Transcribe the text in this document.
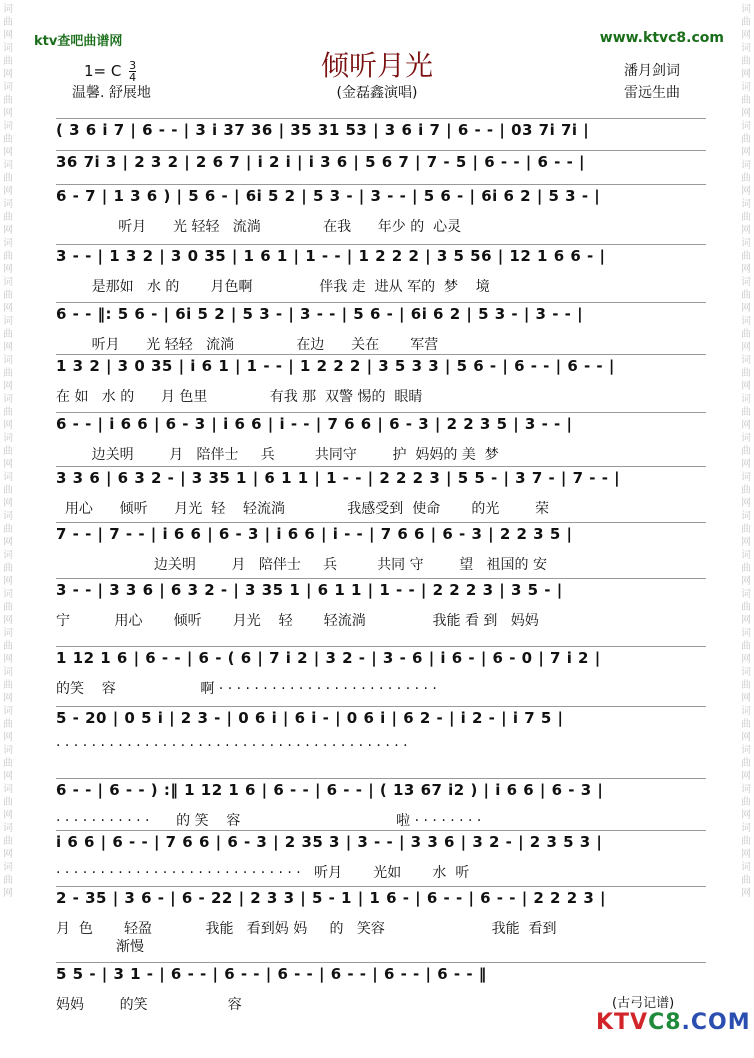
词
曲
网
词
曲
网
词
曲
网
词
曲
网
词
曲
网
词
曲
网
词
曲
网
词
曲
网
词
曲
网
词
曲
网
词
曲
网
词
曲
网
词
曲
网
词
曲
网
词
曲
网
词
曲
网
词
曲
网
词
曲
网
词
曲
网
词
曲
网
词
曲
网
词
曲
网
词
曲
网
词
曲
网
词
曲
网
词
曲
网
词
曲
网
词
曲
网
词
曲
网
词
曲
网
词
曲
网
词
曲
网
词
曲
网
词
曲
网
词
曲
网
词
曲
网
词
曲
网
词
曲
网
词
曲
网
词
曲
网
词
曲
网
词
曲
网
词
曲
网
词
曲
网
词
曲
网
词
曲
网
ktv查吧曲谱网	www.ktvc8.com
倾听月光
(金磊鑫演唱)
1= C $\frac{3}{4}$
温馨. 舒展地
潘月剑词
雷远生曲
( 3 6 i 7 | 6 - - | 3 i 37 36 | 35 31 53 | 3 6 i 7 | 6 - - | 03 7i 7i |
36 7i 3 | 2 3 2 | 2 6 7 | i 2 i | i 3 6 | 5 6 7 | 7 - 5 | 6 - - | 6 - - |
6 - 7 | 1 3 6 ) | 5 6 - | 6i 5 2 | 5 3 - | 3 - - | 5 6 - | 6i 6 2 | 5 3 - |
听月      光 轻轻   流淌              在我      年少 的  心灵
3 - - | 1 3 2 | 3 0 35 | 1 6 1 | 1 - - | 1 2 2 2 | 3 5 56 | 12 1 6 6 - |
是那如   水 的       月色啊               伴我 走  进从 军的  梦    境
6 - - ‖: 5 6 - | 6i 5 2 | 5 3 - | 3 - - | 5 6 - | 6i 6 2 | 5 3 - | 3 - - |
听月      光 轻轻   流淌              在边      关在       军营
1 3 2 | 3 0 35 | i 6 1 | 1 - - | 1 2 2 2 | 3 5 3 3 | 5 6 - | 6 - - | 6 - - |
在 如   水 的      月 色里              有我 那  双警 惕的  眼睛
6 - - | i 6 6 | 6 - 3 | i 6 6 | i - - | 7 6 6 | 6 - 3 | 2 2 3 5 | 3 - - |
边关明        月   陪伴士     兵         共同守        护  妈妈的 美  梦
3 3 6 | 6 3 2 - | 3 35 1 | 6 1 1 | 1 - - | 2 2 2 3 | 5 5 - | 3 7 - | 7 - - |
用心      倾听      月光  轻    轻流淌              我感受到  使命       的光        荣
7 - - | 7 - - | i 6 6 | 6 - 3 | i 6 6 | i - - | 7 6 6 | 6 - 3 | 2 2 3 5 |
边关明        月   陪伴士     兵         共同 守        望   祖国的 安
3 - - | 3 3 6 | 6 3 2 - | 3 35 1 | 6 1 1 | 1 - - | 2 2 2 3 | 3 5 - |
宁          用心       倾听       月光    轻       轻流淌               我能 看 到   妈妈
1 12 1 6 | 6 - - | 6 - ( 6 | 7 i 2 | 3 2 - | 3 - 6 | i 6 - | 6 - 0 | 7 i 2 |
的笑    容                   啊 · · · · · · · · · · · · · · · · · · · · · · · · ·
5 - 20 | 0 5 i | 2 3 - | 0 6 i | 6 i - | 0 6 i | 6 2 - | i 2 - | i 7 5 |
· · · · · · · · · · · · · · · · · · · · · · · · · · · · · · · · · · · · · · · ·
6 - - | 6 - - ) :‖ 1 12 1 6 | 6 - - | 6 - - | ( 13 67 i2 ) | i 6 6 | 6 - 3 |
· · · · · · · · · · ·      的 笑    容                                   啦 · · · · · · · ·
i 6 6 | 6 - - | 7 6 6 | 6 - 3 | 2 35 3 | 3 - - | 3 3 6 | 3 2 - | 2 3 5 3 |
· · · · · · · · · · · · · · · · · · · · · · · · · · · ·   听月       光如       水  听
2 - 35 | 3 6 - | 6 - 22 | 2 3 3 | 5 - 1 | 1 6 - | 6 - - | 6 - - | 2 2 2 3 |
月  色       轻盈            我能   看到妈 妈     的   笑容                        我能  看到
渐慢
5 5 - | 3 1 - | 6 - - | 6 - - | 6 - - | 6 - - | 6 - - | 6 - - ‖
妈妈        的笑                  容	(古弓记谱)
KTVC8.COM
